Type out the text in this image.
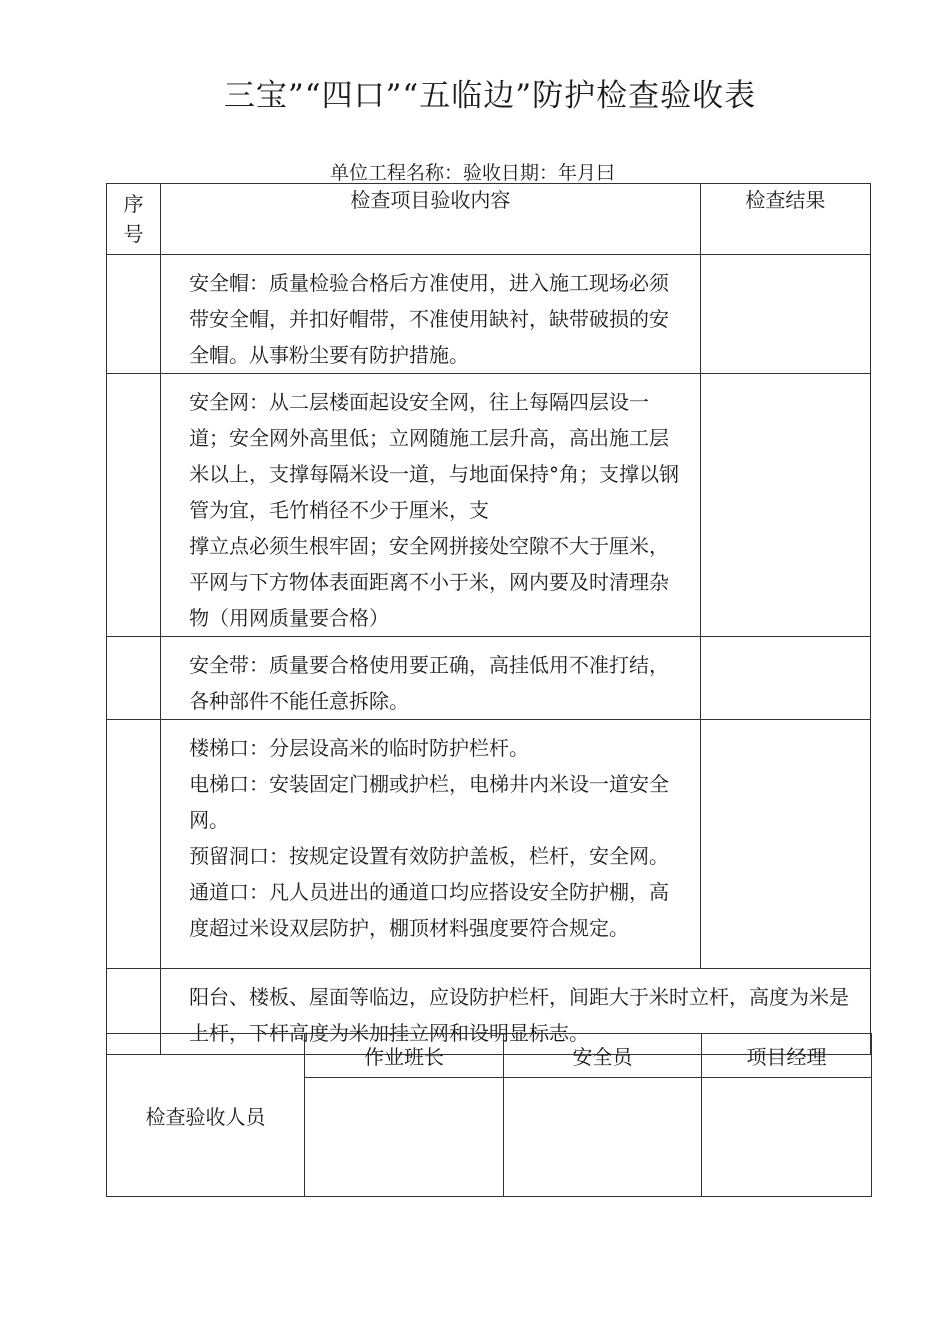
三宝”“四口”“五临边”防护检查验收表
单位工程名称：验收日期：年月曰
序号	检查项目验收内容	检查结果

	安全帽：质量检验合格后方准使用，进入施工现场必须带安全帽，并扣好帽带，不准使用缺衬，缺带破损的安全帽。从事粉尘要有防护措施。	

	安全网：从二层楼面起设安全网，往上每隔四层设一道；安全网外高里低；立网随施工层升高，高出施工层米以上，支撑每隔米设一道，与地面保持°角；支撑以钢管为宜，毛竹梢径不少于厘米，支

撑立点必须生根牢固；安全网拼接处空隙不大于厘米，平网与下方物体表面距离不小于米，网内要及时清理杂物（用网质量要合格）	

	安全带：质量要合格使用要正确，高挂低用不准打结，各种部件不能任意拆除。	

	楼梯口：分层设高米的临时防护栏杆。

电梯口：安装固定门棚或护栏，电梯井内米设一道安全网。

预留洞口：按规定设置有效防护盖板，栏杆，安全网。通道口：凡人员进出的通道口均应搭设安全防护棚，高度超过米设双层防护，棚顶材料强度要符合规定。	

	阳台、楼板、屋面等临边，应设防护栏杆，间距大于米时立杆，高度为米是上杆，下杆高度为米加挂立网和设明显标志。	

检查验收人员	作业班长	安全员	项目经理
